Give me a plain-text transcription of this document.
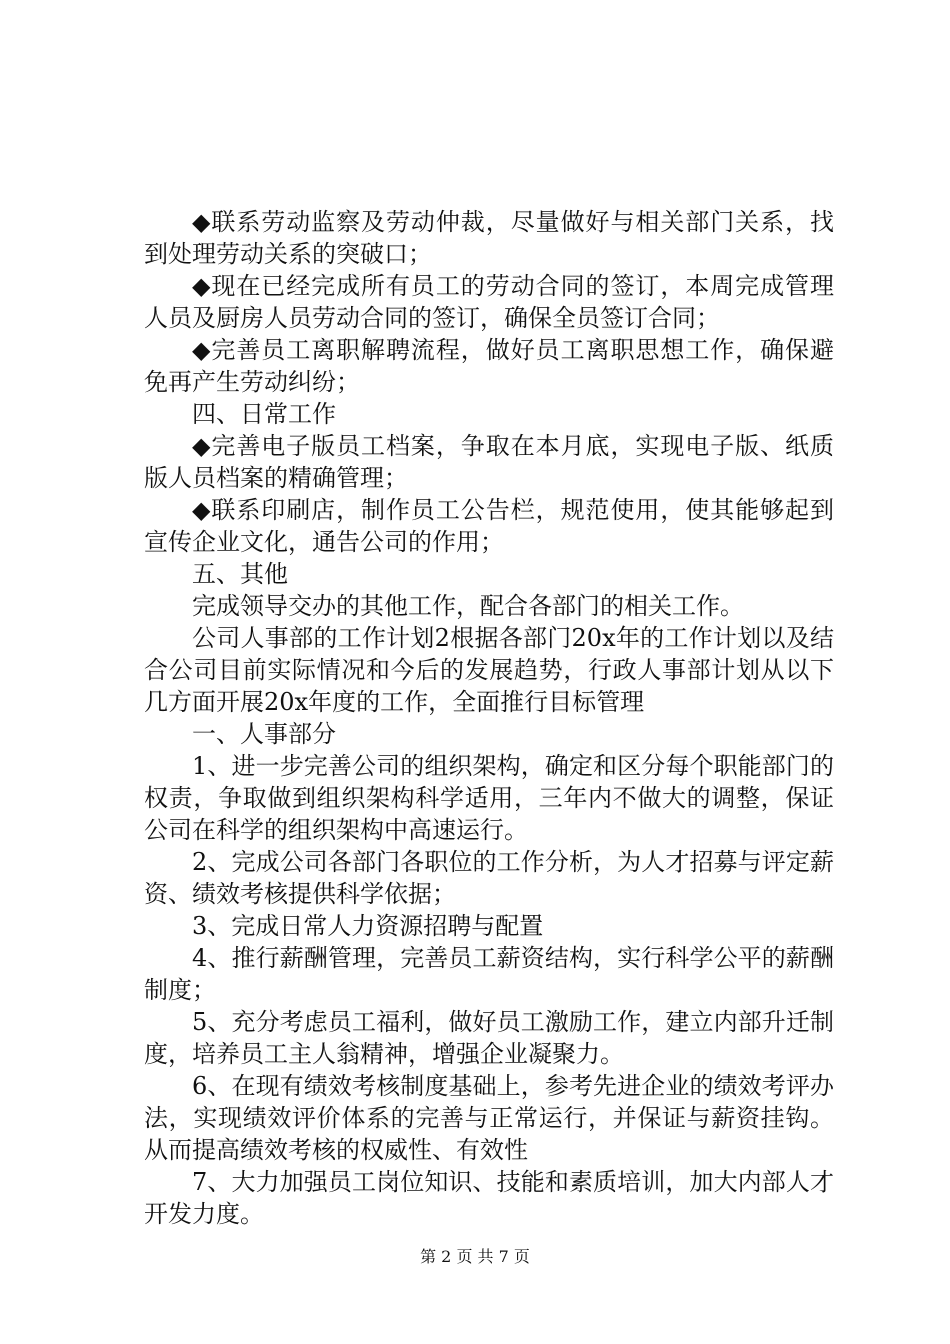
◆联系劳动监察及劳动仲裁，尽量做好与相关部门关系，找到处理劳动关系的突破口；

◆现在已经完成所有员工的劳动合同的签订，本周完成管理人员及厨房人员劳动合同的签订，确保全员签订合同；

◆完善员工离职解聘流程，做好员工离职思想工作，确保避免再产生劳动纠纷；

四、日常工作

◆完善电子版员工档案，争取在本月底，实现电子版、纸质版人员档案的精确管理；

◆联系印刷店，制作员工公告栏，规范使用，使其能够起到宣传企业文化，通告公司的作用；

五、其他

完成领导交办的其他工作，配合各部门的相关工作。

公司人事部的工作计划2根据各部门20x年的工作计划以及结合公司目前实际情况和今后的发展趋势，行政人事部计划从以下几方面开展20x年度的工作，全面推行目标管理

一、人事部分

1、进一步完善公司的组织架构，确定和区分每个职能部门的权责，争取做到组织架构科学适用，三年内不做大的调整，保证公司在科学的组织架构中高速运行。

2、完成公司各部门各职位的工作分析，为人才招募与评定薪资、绩效考核提供科学依据；

3、完成日常人力资源招聘与配置

4、推行薪酬管理，完善员工薪资结构，实行科学公平的薪酬制度；

5、充分考虑员工福利，做好员工激励工作，建立内部升迁制度，培养员工主人翁精神，增强企业凝聚力。

6、在现有绩效考核制度基础上，参考先进企业的绩效考评办法，实现绩效评价体系的完善与正常运行，并保证与薪资挂钩。从而提高绩效考核的权威性、有效性

7、大力加强员工岗位知识、技能和素质培训，加大内部人才开发力度。

第 2 页 共 7 页
